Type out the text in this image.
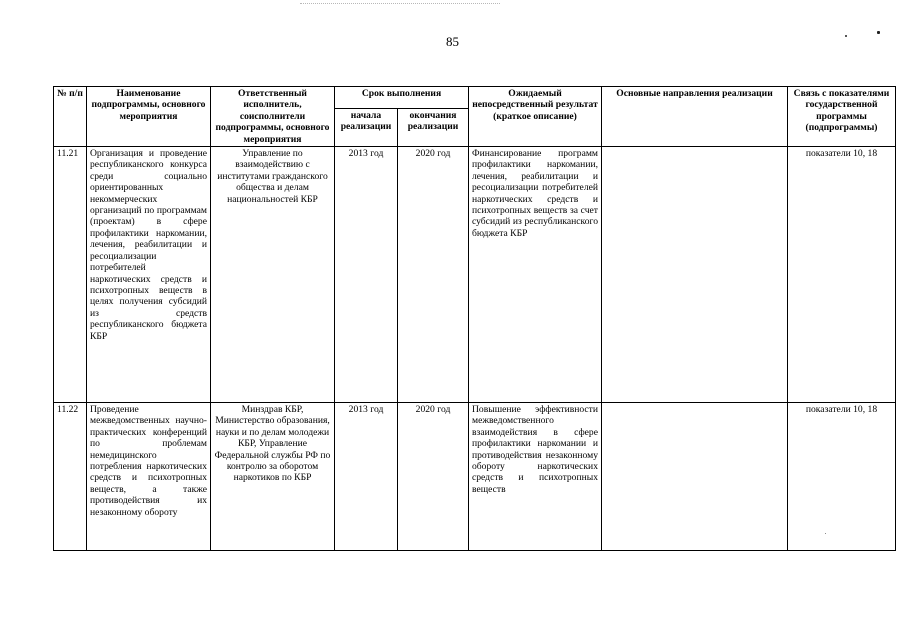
85
№ п/п	Наименование подпрограммы, основного мероприятия	Ответственный исполнитель, соисполнители подпрограммы, основного мероприятия	Срок выполнения		Ожидаемый непосредственный результат (краткое описание)	Основные направления реализации	Связь с показателями государственной программы (подпрограммы)
			начала реализации	окончания реализации			
11.21	Организация и проведение республиканского конкурса среди социально ориентированных некоммерческих организаций по программам (проектам) в сфере профилактики наркомании, лечения, реабилитации и ресоциализации потребителей наркотических средств и психотропных веществ в целях получения субсидий из средств республиканского бюджета КБР	Управление по взаимодействию с институтами гражданского общества и делам национальностей КБР	2013 год	2020 год	Финансирование программ профилактики наркомании, лечения, реабилитации и ресоциализации потребителей наркотических средств и психотропных веществ за счет субсидий из республиканского бюджета КБР		показатели 10, 18
11.22	Проведение межведомственных научно-практических конференций по проблемам немедицинского потребления наркотических средств и психотропных веществ, а также противодействия их незаконному обороту	Минздрав КБР, Министерство образования, науки и по делам молодежи КБР, Управление Федеральной службы РФ по контролю за оборотом наркотиков по КБР	2013 год	2020 год	Повышение эффективности межведомственного взаимодействия в сфере профилактики наркомании и противодействия незаконному обороту наркотических средств и психотропных веществ		показатели 10, 18
